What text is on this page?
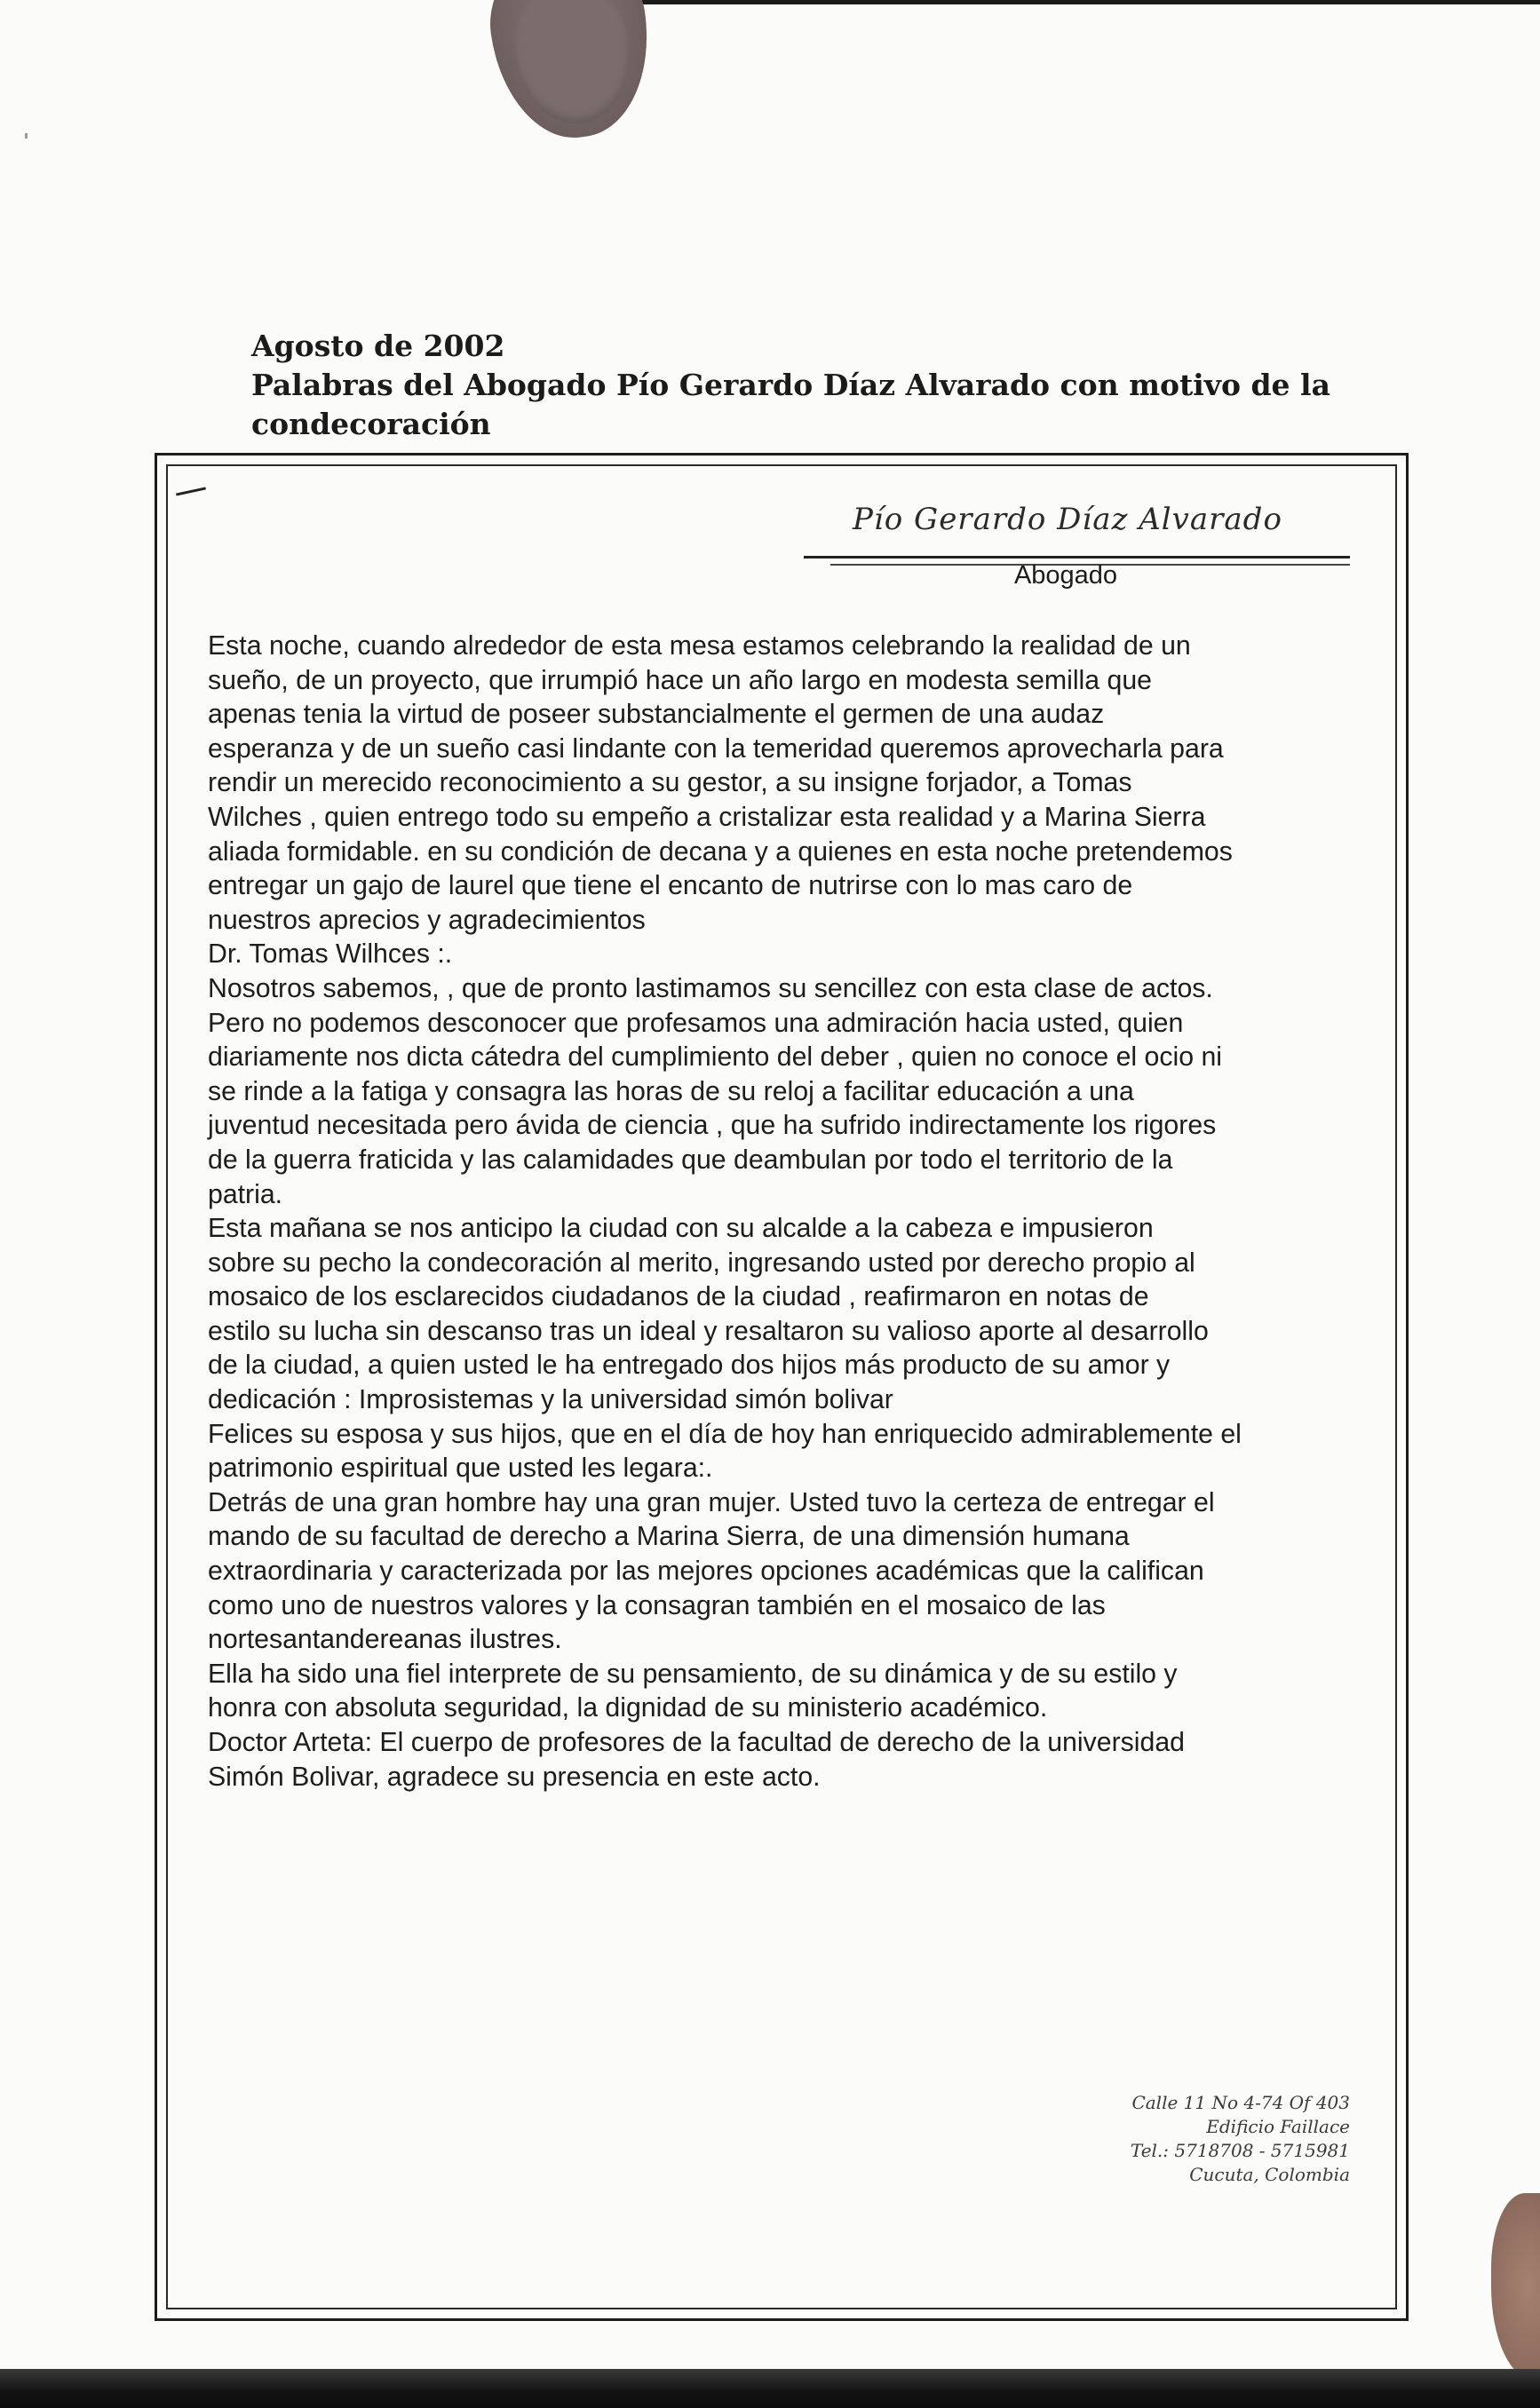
Agosto de 2002
Palabras del Abogado Pío Gerardo Díaz Alvarado con motivo de la
condecoración
Pío Gerardo Díaz Alvarado
Abogado
Esta noche, cuando alrededor de esta mesa estamos celebrando la realidad de un
sueño, de un proyecto, que irrumpió hace un año largo en modesta semilla que
apenas tenia la virtud de poseer substancialmente el germen de una audaz
esperanza y de un sueño casi lindante con la temeridad queremos aprovecharla para
rendir un merecido reconocimiento a su gestor, a su insigne forjador, a Tomas
Wilches , quien entrego todo su empeño a cristalizar esta realidad y a Marina Sierra
aliada formidable. en su condición de decana y a quienes en esta noche pretendemos
entregar un gajo de laurel que tiene el encanto de nutrirse con lo mas caro de
nuestros aprecios y agradecimientos
Dr. Tomas Wilhces :.
Nosotros sabemos, , que de pronto lastimamos su sencillez con esta clase de actos.
Pero no podemos desconocer que profesamos una admiración hacia usted, quien
diariamente nos dicta cátedra del cumplimiento del deber , quien no conoce el ocio ni
se rinde a la fatiga y consagra las horas de su reloj a facilitar educación a una
juventud necesitada pero ávida de ciencia , que ha sufrido indirectamente los rigores
de la guerra fraticida y las calamidades que deambulan por todo el territorio de la
patria.
Esta mañana se nos anticipo la ciudad con su alcalde a la cabeza e impusieron
sobre su pecho la condecoración al merito, ingresando usted por derecho propio al
mosaico de los esclarecidos ciudadanos de la ciudad , reafirmaron en notas de
estilo su lucha sin descanso tras un ideal y resaltaron su valioso aporte al desarrollo
de la ciudad, a quien usted le ha entregado dos hijos más producto de su amor y
dedicación : Improsistemas y la universidad simón bolivar
Felices su esposa y sus hijos, que en el día de hoy han enriquecido admirablemente el
patrimonio espiritual que usted les legara:.
Detrás de una gran hombre hay una gran mujer. Usted tuvo la certeza de entregar el
mando de su facultad de derecho a Marina Sierra, de una dimensión humana
extraordinaria y caracterizada por las mejores opciones académicas que la califican
como uno de nuestros valores y la consagran también en el mosaico de las
nortesantandereanas ilustres.
Ella ha sido una fiel interprete de su pensamiento, de su dinámica y de su estilo y
honra con absoluta seguridad, la dignidad de su ministerio académico.
Doctor Arteta: El cuerpo de profesores de la facultad de derecho de la universidad
Simón Bolivar, agradece su presencia en este acto.
Calle 11 No 4-74 Of 403
Edificio Faillace
Tel.: 5718708 - 5715981
Cucuta, Colombia
